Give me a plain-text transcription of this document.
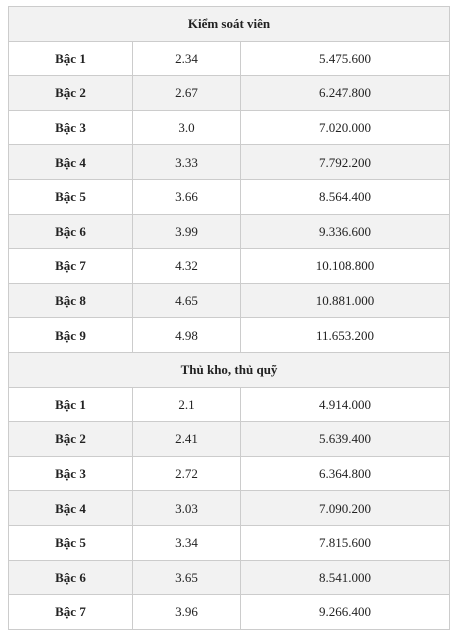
Kiểm soát viên		
Bậc 1	2.34	5.475.600
Bậc 2	2.67	6.247.800
Bậc 3	3.0	7.020.000
Bậc 4	3.33	7.792.200
Bậc 5	3.66	8.564.400
Bậc 6	3.99	9.336.600
Bậc 7	4.32	10.108.800
Bậc 8	4.65	10.881.000
Bậc 9	4.98	11.653.200
Thủ kho, thủ quỹ		
Bậc 1	2.1	4.914.000
Bậc 2	2.41	5.639.400
Bậc 3	2.72	6.364.800
Bậc 4	3.03	7.090.200
Bậc 5	3.34	7.815.600
Bậc 6	3.65	8.541.000
Bậc 7	3.96	9.266.400
